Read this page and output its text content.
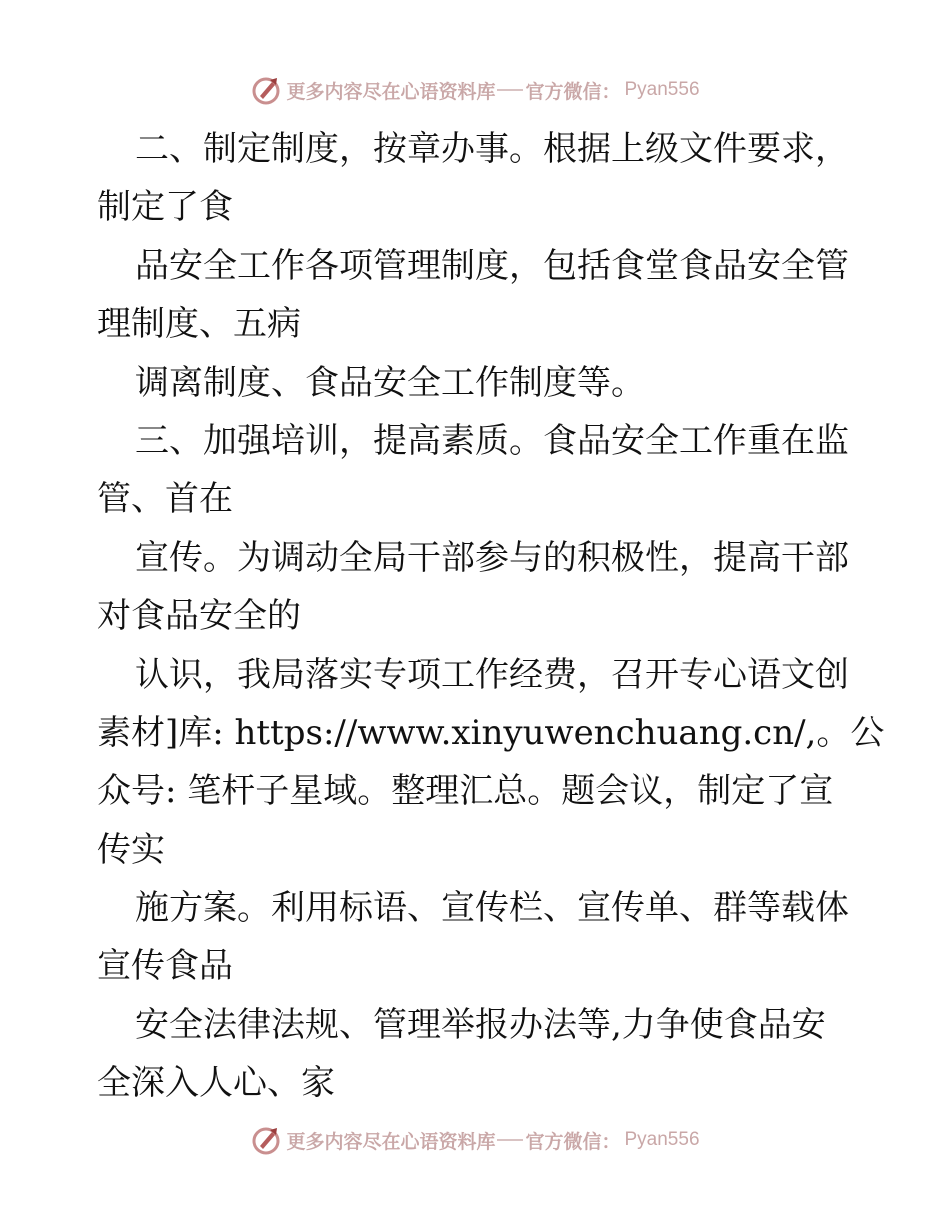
更多内容尽在心语资料库 官方微信： Pyan556
二、制定制度，按章办事。根据上级文件要求，
制定了食
品安全工作各项管理制度，包括食堂食品安全管
理制度、五病
调离制度、食品安全工作制度等。
三、加强培训，提高素质。食品安全工作重在监
管、首在
宣传。为调动全局干部参与的积极性，提高干部
对食品安全的
认识，我局落实专项工作经费，召开专心语文创
素材]库: https://www.xinyuwenchuang.cn/,。公
众号: 笔杆子星域。整理汇总。题会议，制定了宣
传实
施方案。利用标语、宣传栏、宣传单、群等载体
宣传食品
安全法律法规、管理举报办法等,力争使食品安
全深入人心、家
更多内容尽在心语资料库 官方微信： Pyan556
